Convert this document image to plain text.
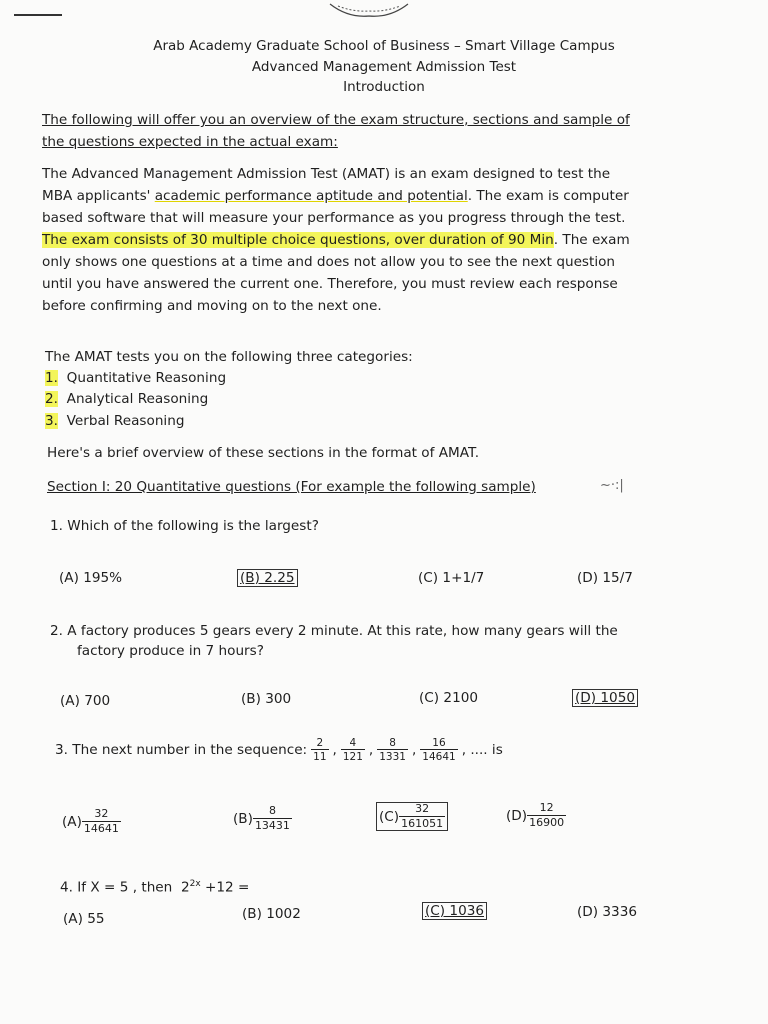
Arab Academy Graduate School of Business – Smart Village Campus
Advanced Management Admission Test
Introduction
The following will offer you an overview of the exam structure, sections and sample of
the questions expected in the actual exam:
The Advanced Management Admission Test (AMAT) is an exam designed to test the
MBA applicants' academic performance aptitude and potential. The exam is computer
based software that will measure your performance as you progress through the test.
The exam consists of 30 multiple choice questions, over duration of 90 Min. The exam
only shows one questions at a time and does not allow you to see the next question
until you have answered the current one. Therefore, you must review each response
before confirming and moving on to the next one.
The AMAT tests you on the following three categories:
1. Quantitative Reasoning
2. Analytical Reasoning
3. Verbal Reasoning
Here's a brief overview of these sections in the format of AMAT.
Section I: 20 Quantitative questions (For example the following sample)	~·:|
1. Which of the following is the largest?
(A) 195%	(B) 2.25	(C) 1+1/7	(D) 15/7
2. A factory produces 5 gears every 2 minute. At this rate, how many gears will the
factory produce in 7 hours?
(A) 700	(B) 300	(C) 2100	(D) 1050
3. The next number in the sequence: $\frac{2}{11}$ , $\frac{4}{121}$ , $\frac{8}{1331}$ , $\frac{16}{14641}$ , .... is
$(A) \frac{32}{14641}$	$(B) \frac{8}{13431}$	$(C) \frac{32}{161051}$	$(D) \frac{12}{16900}$
4. If X = 5 , then $2^{2x} +12$ =
(A) 55	(B) 1002	(C) 1036	(D) 3336
